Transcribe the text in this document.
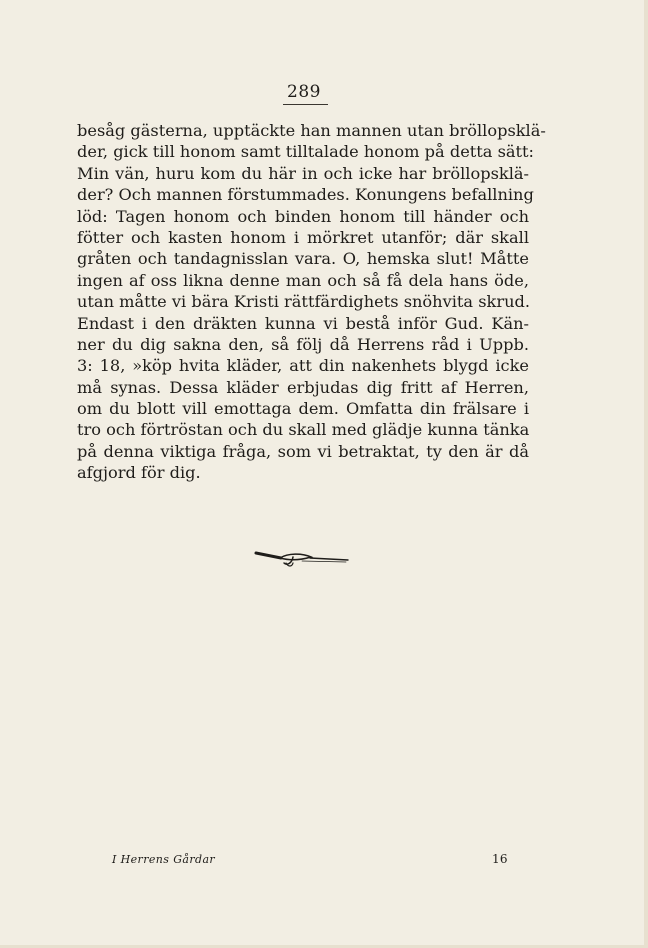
289
besåg gästerna, upptäckte han mannen utan bröllopsklä-
der, gick till honom samt tilltalade honom på detta sätt:
Min vän, huru kom du här in och icke har bröllopsklä-
der? Och mannen förstummades. Konungens befallning
löd: Tagen honom och binden honom till händer och
fötter och kasten honom i mörkret utanför; där skall
gråten och tandagnisslan vara. O, hemska slut! Måtte
ingen af oss likna denne man och så få dela hans öde,
utan måtte vi bära Kristi rättfärdighets snöhvita skrud.
Endast i den dräkten kunna vi bestå inför Gud. Kän-
ner du dig sakna den, så följ då Herrens råd i Uppb.
3: 18, »köp hvita kläder, att din nakenhets blygd icke
må synas. Dessa kläder erbjudas dig fritt af Herren,
om du blott vill emottaga dem. Omfatta din frälsare i
tro och förtröstan och du skall med glädje kunna tänka
på denna viktiga fråga, som vi betraktat, ty den är då
afgjord för dig.
I Herrens Gårdar	16
